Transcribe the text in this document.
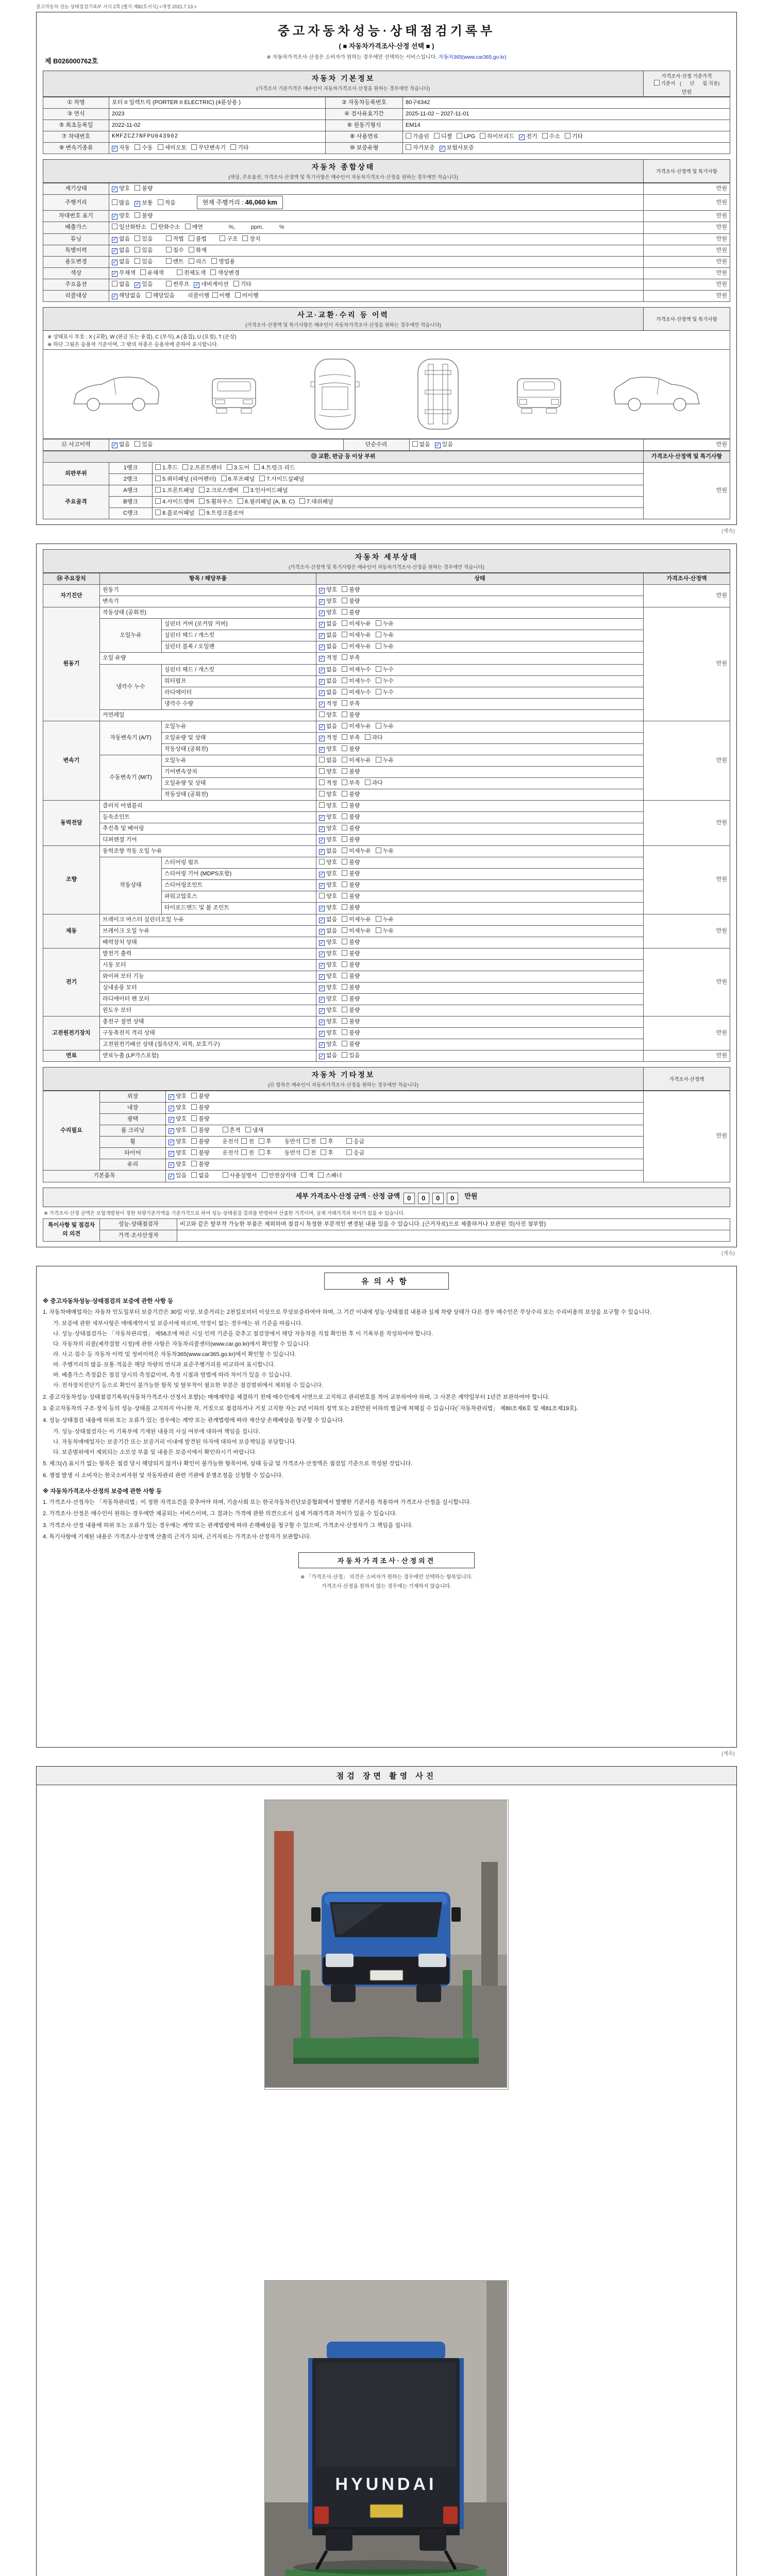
중고자동차 성능·상태점검기록부 서식 2쪽 (별지 제82호서식) <개정 2021.7.13.>
중고자동차성능·상태점검기록부
( ■ 자동차가격조사·산정 선택 ■ )
※ 자동차가격조사·산정은 소비자가 원하는 경우에만 선택하는 서비스입니다. 자동차365(www.car365.go.kr)
제 B026000762호
자동차 기본정보
(가격조사 기준가격은 매수인이 자동차가격조사·산정을 원하는 경우에만 적습니다)
가격조사·산정 기준가격
기준서 (      년      월 적용)
만원
① 차명	포터 II 일렉트릭 (PORTER II ELECTRIC) (4륜상용 )	② 자동차등록번호	80구6342
③ 연식	2023	④ 검사유효기간	2025-11-02 ~ 2027-11-01
⑤ 최초등록일	2022-11-02	⑥ 원동기형식	EM14
⑦ 차대번호	KMFZCZ7NFPU043902	⑧ 사용연료	가솔린 디젤 LPG 하이브리드 ✓ 전기 수소 기타
⑨ 변속기종류	✓ 자동 수동 세미오토 무단변속기 기타	⑩ 보증유형	자가보증 ✓ 보험사보증
자동차 종합상태
(색상, 주요옵션, 가격조사·산정액 및 특기사항은 매수인이 자동차가격조사·산정을 원하는 경우에만 적습니다)
가격조사·산정액 및 특기사항
계기상태	✓ 양호 불량	만원
주행거리	많음 ✓ 보통 적음 현재 주행거리 : 46,060 km	만원
차대번호 표기	✓ 양호 불량	만원
배출가스	일산화탄소 탄화수소 매연        %,          ppm,          %	만원
튜닝	✓ 없음 있음 적법 불법 구조 장치	만원
특별이력	✓ 없음 있음 침수 화재	만원
용도변경	✓ 없음 있음 렌트 리스 영업용	만원
색상	✓ 무채색 유채색 전체도색 색상변경	만원
주요옵션	없음 ✓ 있음 썬루프 ✓ 네비게이션 기타	만원
리콜대상	✓ 해당없음 해당있음 리콜이행 이행 미이행	만원
사고·교환·수리 등 이력
(가격조사·산정액 및 특기사항은 매수인이 자동차가격조사·산정을 원하는 경우에만 적습니다)
가격조사·산정액 및 특기사항
※ 상태표시 부호 : X (교환), W (판금 또는 용접), C (부식), A (흠집), U (요철), T (손상)
※ 하단 그림은 승용차 기준이며, 그 밖의 차종은 승용차에 준하여 표시합니다.
⑫ 사고이력	✓ 없음 있음	단순수리	없음 ✓ 있음	만원
⑬ 교환, 판금 등 이상 부위			가격조사·산정액 및 특기사항
외판부위	1랭크	1.후드 2.프론트펜더 3.도어 4.트렁크 리드	만원
	2랭크	5.쿼터패널 (리어펜더) 6.루프패널 7.사이드실패널	
주요골격	A랭크	1.프론트패널 2.크로스멤버 3.인사이드패널	
	B랭크	4.사이드멤버 5.휠하우스 6.필러패널 (A, B, C) 7.대쉬패널	
	C랭크	8.플로어패널 9.트렁크플로어	
(계속)
자동차 세부상태
(가격조사·산정액 및 특기사항은 매수인이 자동차가격조사·산정을 원하는 경우에만 적습니다)
⑭ 주요장치	항목 / 해당부품		상태	가격조사·산정액
자기진단	원동기		✓ 양호 불량	만원
	변속기		✓ 양호 불량	
원동기	작동상태 (공회전)		✓ 양호 불량	만원
	오일누유	실린더 커버 (로커암 커버)	✓ 없음 미세누유 누유	
		실린더 헤드 / 개스킷	✓ 없음 미세누유 누유	
		실린더 블록 / 오일팬	✓ 없음 미세누유 누유	
	오일 유량		✓ 적정 부족	
	냉각수 누수	실린더 헤드 / 개스킷	✓ 없음 미세누수 누수	
		워터펌프	✓ 없음 미세누수 누수	
		라디에이터	✓ 없음 미세누수 누수	
		냉각수 수량	✓ 적정 부족	
	커먼레일		양호 불량	
변속기	자동변속기 (A/T)	오일누유	✓ 없음 미세누유 누유	만원
		오일유량 및 상태	✓ 적정 부족 과다	
		작동상태 (공회전)	✓ 양호 불량	
	수동변속기 (M/T)	오일누유	없음 미세누유 누유	
		기어변속장치	양호 불량	
		오일유량 및 상태	적정 부족 과다	
		작동상태 (공회전)	양호 불량	
동력전달	클러치 어셈블리		양호 불량	만원
	등속조인트		✓ 양호 불량	
	추진축 및 베어링		✓ 양호 불량	
	디퍼렌셜 기어		✓ 양호 불량	
조향	동력조향 작동 오일 누유		✓ 없음 미세누유 누유	만원
	작동상태	스티어링 펌프	양호 불량	
		스티어링 기어 (MDPS포함)	✓ 양호 불량	
		스티어링조인트	✓ 양호 불량	
		파워고압호스	양호 불량	
		타이로드엔드 및 볼 조인트	✓ 양호 불량	
제동	브레이크 마스터 실린더오일 누유		✓ 없음 미세누유 누유	만원
	브레이크 오일 누유		✓ 없음 미세누유 누유	
	배력장치 상태		✓ 양호 불량	
전기	발전기 출력		✓ 양호 불량	만원
	시동 모터		✓ 양호 불량	
	와이퍼 모터 기능		✓ 양호 불량	
	실내송풍 모터		✓ 양호 불량	
	라디에이터 팬 모터		✓ 양호 불량	
	윈도우 모터		✓ 양호 불량	
고전원전기장치	충전구 절연 상태		✓ 양호 불량	만원
	구동축전지 격리 상태		✓ 양호 불량	
	고전원전기배선 상태 (접속단자, 피복, 보호기구)		✓ 양호 불량	
연료	연료누출 (LP가스포함)		✓ 없음 있음	만원
자동차 기타정보
(⑮ 항목은 매수인이 자동차가격조사·산정을 원하는 경우에만 적습니다)
가격조사·산정액
수리필요	외장	✓ 양호 불량	만원
	내장	✓ 양호 불량	
	광택	✓ 양호 불량	
	룸 크리닝	✓ 양호 불량 흔적 냄새	
	휠	✓ 양호 불량 운전석 전 후 동반석 전 후 응급	
	타이어	✓ 양호 불량 운전석 전 후 동반석 전 후 응급	
	유리	✓ 양호 불량	
기본품목		✓ 있음 없음 사용설명서 안전삼각대 잭 스패너	
세부 가격조사·산정 금액 · 산정 금액 0 0 0 0 만원
※ 가격조사·산정 금액은 보험개발원이 정한 차량기준가액을 기준가격으로 하여 성능·상태점검 결과를 반영하여 산출한 가격이며, 실제 거래가격과 차이가 있을 수 있습니다.
특이사항 및 점검자의 의견	성능·상태점검자	비고와 같은 탈부착 가능한 부품은 제외하며 점검시 특정한 부분적인 변경된 내용 있을 수 있습니다. (근거자료)으로 제출하거나 보관된 것(사진 첨부함)
	가격·조사산정자	
(계속)
유의사항
※ 중고자동차성능·상태점검의 보증에 관한 사항 등
1. 자동차매매업자는 자동차 인도일부터 보증기간은 30일 이상, 보증거리는 2천킬로미터 이상으로 무상보증하여야 하며, 그 기간 이내에 성능·상태점검 내용과 실제 차량 상태가 다른 경우 매수인은 무상수리 또는 수리비용의 보상을 요구할 수 있습니다.
가. 보증에 관한 세부사항은 매매계약서 및 보증서에 따르며, 약정이 없는 경우에는 위 기준을 따릅니다.
나. 성능·상태점검자는 「자동차관리법」 제58조에 따른 시설·인력 기준을 갖추고 점검장에서 해당 자동차를 직접 확인한 후 이 기록부를 작성하여야 합니다.
다. 자동차의 리콜(제작결함 시정)에 관한 사항은 자동차리콜센터(www.car.go.kr)에서 확인할 수 있습니다.
라. 사고·침수 등 자동차 이력 및 정비이력은 자동차365(www.car365.go.kr)에서 확인할 수 있습니다.
마. 주행거리의 많음·보통·적음은 해당 차량의 연식과 표준주행거리를 비교하여 표시합니다.
바. 배출가스 측정값은 점검 당시의 측정값이며, 측정 시점과 방법에 따라 차이가 있을 수 있습니다.
사. 전자장치진단기 등으로 확인이 불가능한 항목 및 탈부착이 필요한 부분은 점검범위에서 제외될 수 있습니다.
2. 중고자동차성능·상태점검기록부(자동차가격조사·산정서 포함)는 매매계약을 체결하기 전에 매수인에게 서면으로 고지하고 관리번호를 적어 교부하여야 하며, 그 사본은 계약일부터 1년간 보관하여야 합니다.
3. 중고자동차의 구조·장치 등의 성능·상태를 고지하지 아니한 자, 거짓으로 점검하거나 거짓 고지한 자는 2년 이하의 징역 또는 2천만원 이하의 벌금에 처해질 수 있습니다(「자동차관리법」 제80조제6호 및 제81조제19호).
4. 성능·상태점검 내용에 허위 또는 오류가 있는 경우에는 계약 또는 관계법령에 따라 재산상 손해배상을 청구할 수 있습니다.
가. 성능·상태점검자는 이 기록부에 기재된 내용의 사실 여부에 대하여 책임을 집니다.
나. 자동차매매업자는 보증기간 또는 보증거리 이내에 발견된 하자에 대하여 보증책임을 부담합니다.
다. 보증범위에서 제외되는 소모성 부품 및 내용은 보증서에서 확인하시기 바랍니다.
5. 체크(√) 표시가 없는 항목은 점검 당시 해당되지 않거나 확인이 불가능한 항목이며, 상태 등급 및 가격조사·산정액은 점검일 기준으로 작성된 것입니다.
6. 쟁점 발생 시 소비자는 한국소비자원 및 자동차관리 관련 기관에 분쟁조정을 신청할 수 있습니다.
※ 자동차가격조사·산정의 보증에 관한 사항 등
1. 가격조사·산정자는 「자동차관리법」이 정한 자격요건을 갖추어야 하며, 기술사회 또는 한국자동차진단보증협회에서 발행한 기준서를 적용하여 가격조사·산정을 실시합니다.
2. 가격조사·산정은 매수인이 원하는 경우에만 제공되는 서비스이며, 그 결과는 가격에 관한 의견으로서 실제 거래가격과 차이가 있을 수 있습니다.
3. 가격조사·산정 내용에 허위 또는 오류가 있는 경우에는 계약 또는 관계법령에 따라 손해배상을 청구할 수 있으며, 가격조사·산정자가 그 책임을 집니다.
4. 특기사항에 기재된 내용은 가격조사·산정액 산출의 근거가 되며, 근거자료는 가격조사·산정자가 보관합니다.
자동차가격조사·산정의견
※ 「가격조사·산정」 의견은 소비자가 원하는 경우에만 선택하는 항목입니다.
가격조사·산정을 원하지 않는 경우에는 기재하지 않습니다.
(계속)
점검 장면 촬영 사진
HYUNDAI
